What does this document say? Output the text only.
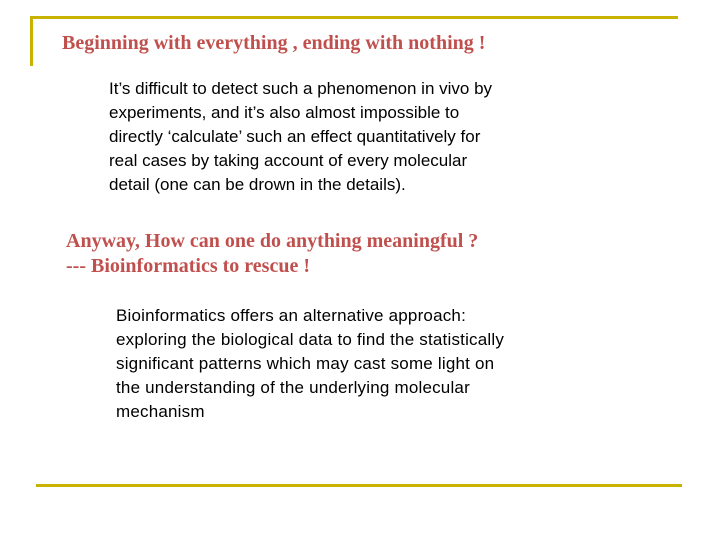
Beginning with everything , ending with nothing !

It’s difficult to detect such a phenomenon in vivo by
experiments, and it’s also almost impossible to
directly ‘calculate’ such an effect quantitatively for
real cases by taking account of every molecular
detail (one can be drown in the details).

Anyway, How can one do anything meaningful ?
--- Bioinformatics to rescue !

Bioinformatics offers an alternative approach:
exploring the biological data to find the statistically
significant patterns which may cast some light on
the understanding of the underlying molecular
mechanism
